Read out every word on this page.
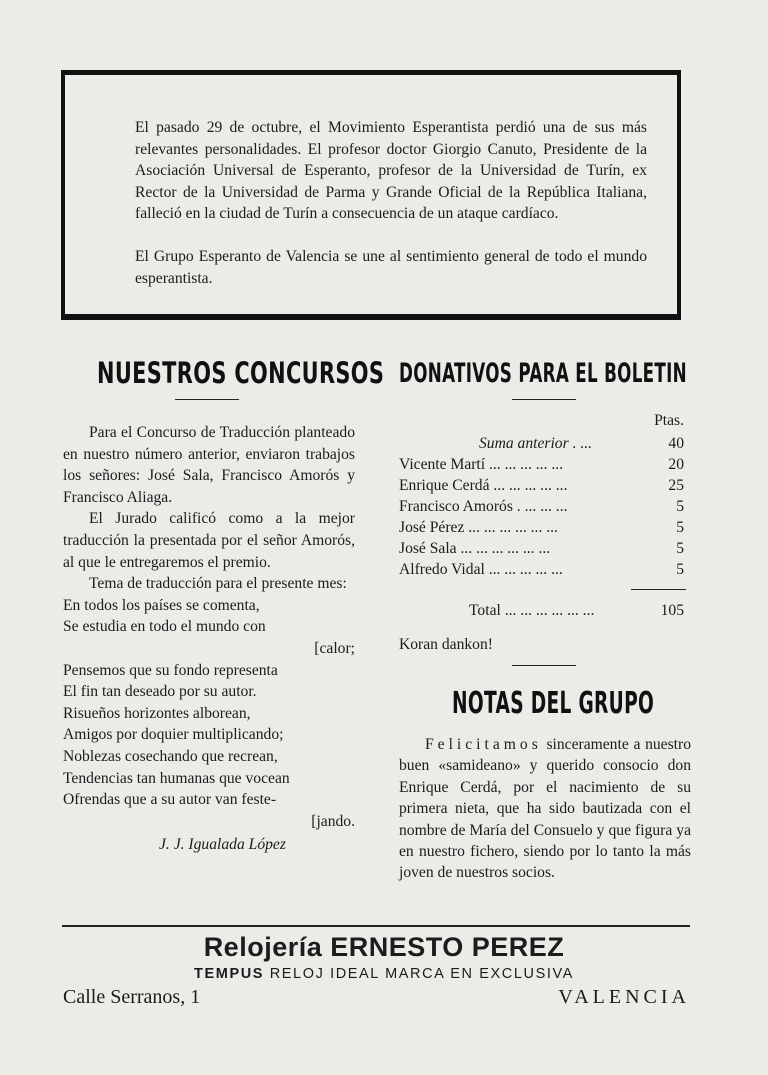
El pasado 29 de octubre, el Movimiento Esperantista perdió una de sus más relevantes personalidades. El profesor doctor Giorgio Canuto, Presidente de la Asociación Universal de Esperanto, profesor de la Universidad de Turín, ex Rector de la Universidad de Parma y Grande Oficial de la República Italiana, falleció en la ciudad de Turín a consecuencia de un ataque cardíaco.

El Grupo Esperanto de Valencia se une al sentimiento general de todo el mundo esperantista.

NUESTROS CONCURSOS

Para el Concurso de Traducción planteado en nuestro número anterior, enviaron trabajos los señores: José Sala, Francisco Amorós y Francisco Aliaga.

El Jurado calificó como a la mejor traducción la presentada por el señor Amorós, al que le entregaremos el premio.

Tema de traducción para el presente mes:

En todos los países se comenta,
Se estudia en todo el mundo con
[calor;
Pensemos que su fondo representa
El fin tan deseado por su autor.
Risueños horizontes alborean,
Amigos por doquier multiplicando;
Noblezas cosechando que recrean,
Tendencias tan humanas que vocean
Ofrendas que a su autor van feste-
[jando.
J. J. Igualada López
DONATIVOS PARA EL BOLETIN
Ptas.
Suma anterior . ...	40
Vicente Martí ... ... ... ... ...	20
Enrique Cerdá ... ... ... ... ...	25
Francisco Amorós . ... ... ...	5
José Pérez ... ... ... ... ... ...	5
José Sala ... ... ... ... ... ...	5
Alfredo Vidal ... ... ... ... ...	5
Total ... ... ... ... ... ...	105
Koran dankon!
NOTAS DEL GRUPO
Felicitamos sinceramente a nuestro buen «samideano» y querido consocio don Enrique Cerdá, por el nacimiento de su primera nieta, que ha sido bautizada con el nombre de María del Consuelo y que figura ya en nuestro fichero, siendo por lo tanto la más joven de nuestros socios.
Relojería ERNESTO PEREZ
TEMPUS RELOJ IDEAL MARCA EN EXCLUSIVA
Calle Serranos, 1	VALENCIA
